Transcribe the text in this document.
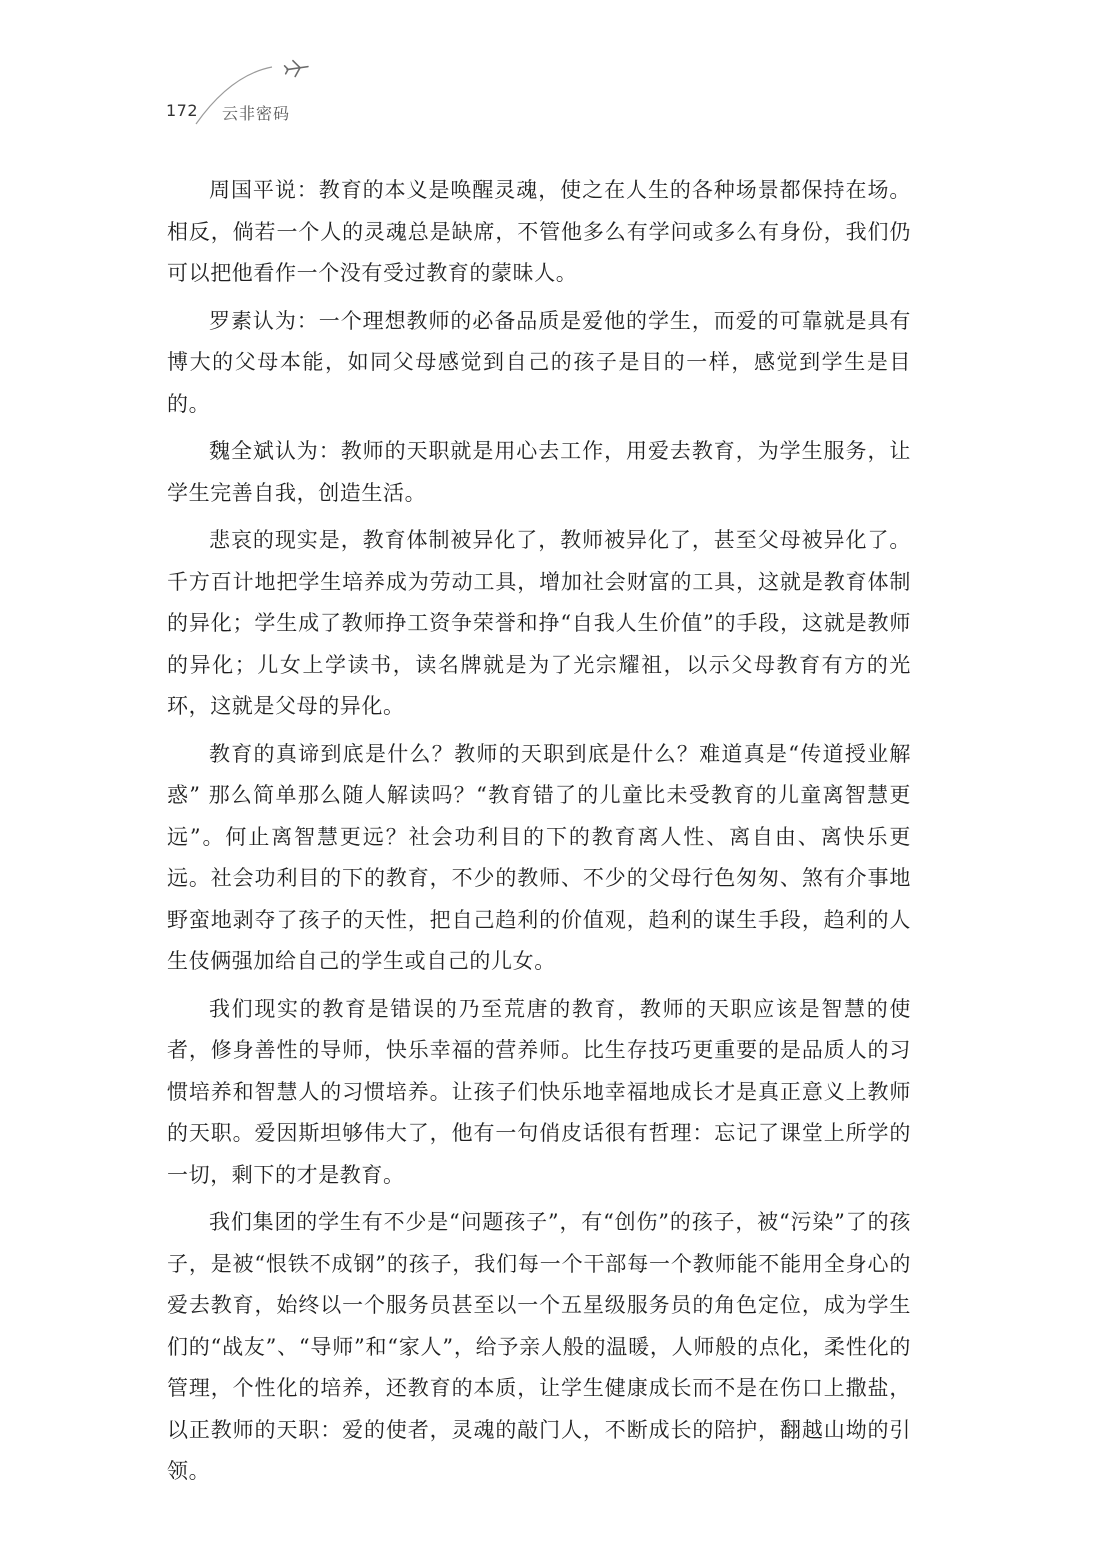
172 云非密码

周国平说：教育的本义是唤醒灵魂，使之在人生的各种场景都保持在场。相反，倘若一个人的灵魂总是缺席，不管他多么有学问或多么有身份，我们仍可以把他看作一个没有受过教育的蒙昧人。

罗素认为：一个理想教师的必备品质是爱他的学生，而爱的可靠就是具有博大的父母本能，如同父母感觉到自己的孩子是目的一样，感觉到学生是目的。

魏全斌认为：教师的天职就是用心去工作，用爱去教育，为学生服务，让学生完善自我，创造生活。

悲哀的现实是，教育体制被异化了，教师被异化了，甚至父母被异化了。千方百计地把学生培养成为劳动工具，增加社会财富的工具，这就是教育体制的异化；学生成了教师挣工资争荣誉和挣“自我人生价值”的手段，这就是教师的异化；儿女上学读书，读名牌就是为了光宗耀祖，以示父母教育有方的光环，这就是父母的异化。

教育的真谛到底是什么？教师的天职到底是什么？难道真是“传道授业解惑” 那么简单那么随人解读吗？“教育错了的儿童比未受教育的儿童离智慧更远”。何止离智慧更远？社会功利目的下的教育离人性、离自由、离快乐更远。社会功利目的下的教育，不少的教师、不少的父母行色匆匆、煞有介事地野蛮地剥夺了孩子的天性，把自己趋利的价值观，趋利的谋生手段，趋利的人生伎俩强加给自己的学生或自己的儿女。

我们现实的教育是错误的乃至荒唐的教育，教师的天职应该是智慧的使者，修身善性的导师，快乐幸福的营养师。比生存技巧更重要的是品质人的习惯培养和智慧人的习惯培养。让孩子们快乐地幸福地成长才是真正意义上教师的天职。爱因斯坦够伟大了，他有一句俏皮话很有哲理：忘记了课堂上所学的一切，剩下的才是教育。

我们集团的学生有不少是“问题孩子”，有“创伤”的孩子，被“污染”了的孩子，是被“恨铁不成钢”的孩子，我们每一个干部每一个教师能不能用全身心的爱去教育，始终以一个服务员甚至以一个五星级服务员的角色定位，成为学生们的“战友”、“导师”和“家人”，给予亲人般的温暖，人师般的点化，柔性化的管理，个性化的培养，还教育的本质，让学生健康成长而不是在伤口上撒盐，以正教师的天职：爱的使者，灵魂的敲门人，不断成长的陪护，翻越山坳的引领。
